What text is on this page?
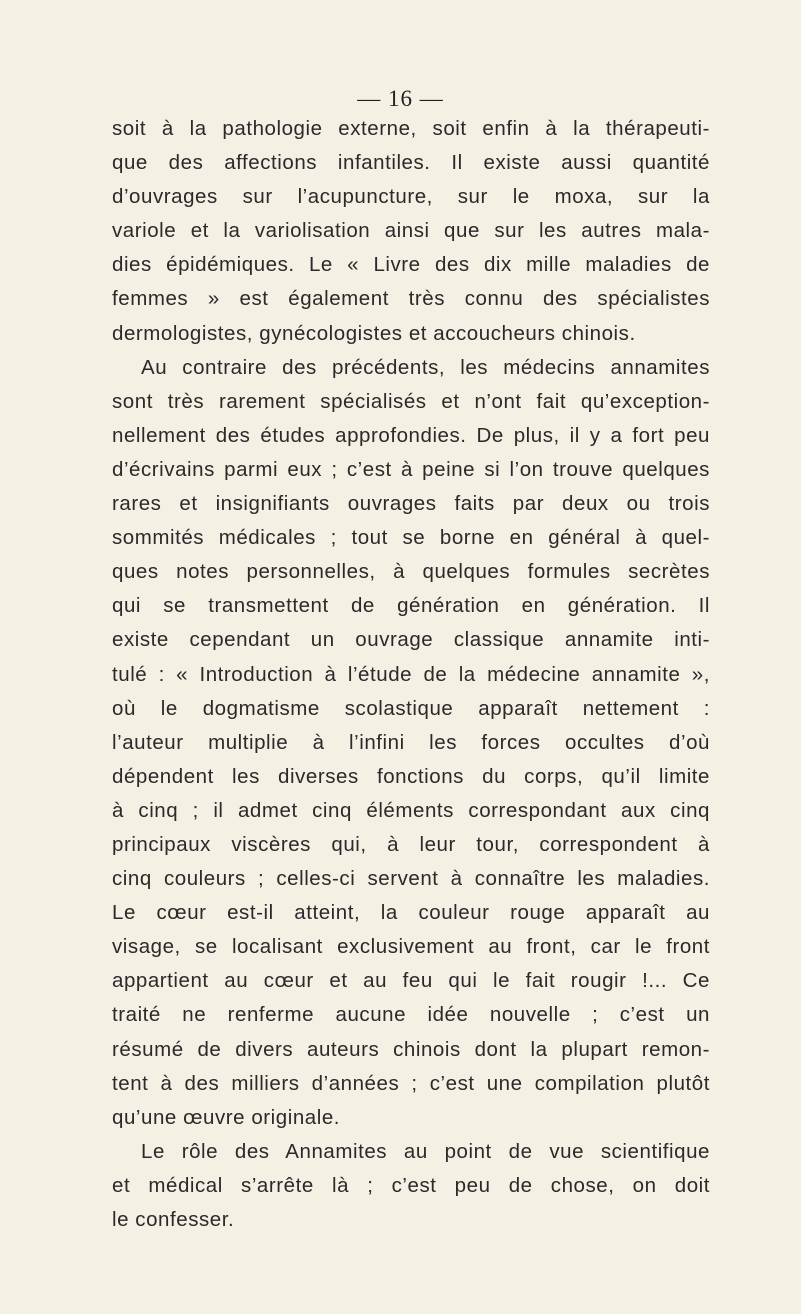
— 16 —
soit à la pathologie externe, soit enfin à la thérapeuti-
que des affections infantiles. Il existe aussi quantité
d’ouvrages sur l’acupuncture, sur le moxa, sur la
variole et la variolisation ainsi que sur les autres mala-
dies épidémiques. Le « Livre des dix mille maladies de
femmes » est également très connu des spécialistes
dermologistes, gynécologistes et accoucheurs chinois.
Au contraire des précédents, les médecins annamites
sont très rarement spécialisés et n’ont fait qu’exception-
nellement des études approfondies. De plus, il y a fort peu
d’écrivains parmi eux ; c’est à peine si l’on trouve quelques
rares et insignifiants ouvrages faits par deux ou trois
sommités médicales ; tout se borne en général à quel-
ques notes personnelles, à quelques formules secrètes
qui se transmettent de génération en génération. Il
existe cependant un ouvrage classique annamite inti-
tulé : « Introduction à l’étude de la médecine annamite »,
où le dogmatisme scolastique apparaît nettement :
l’auteur multiplie à l’infini les forces occultes d’où
dépendent les diverses fonctions du corps, qu’il limite
à cinq ; il admet cinq éléments correspondant aux cinq
principaux viscères qui, à leur tour, correspondent à
cinq couleurs ; celles-ci servent à connaître les maladies.
Le cœur est-il atteint, la couleur rouge apparaît au
visage, se localisant exclusivement au front, car le front
appartient au cœur et au feu qui le fait rougir !... Ce
traité ne renferme aucune idée nouvelle ; c’est un
résumé de divers auteurs chinois dont la plupart remon-
tent à des milliers d’années ; c’est une compilation plutôt
qu’une œuvre originale.
Le rôle des Annamites au point de vue scientifique
et médical s’arrête là ; c’est peu de chose, on doit
le confesser.
